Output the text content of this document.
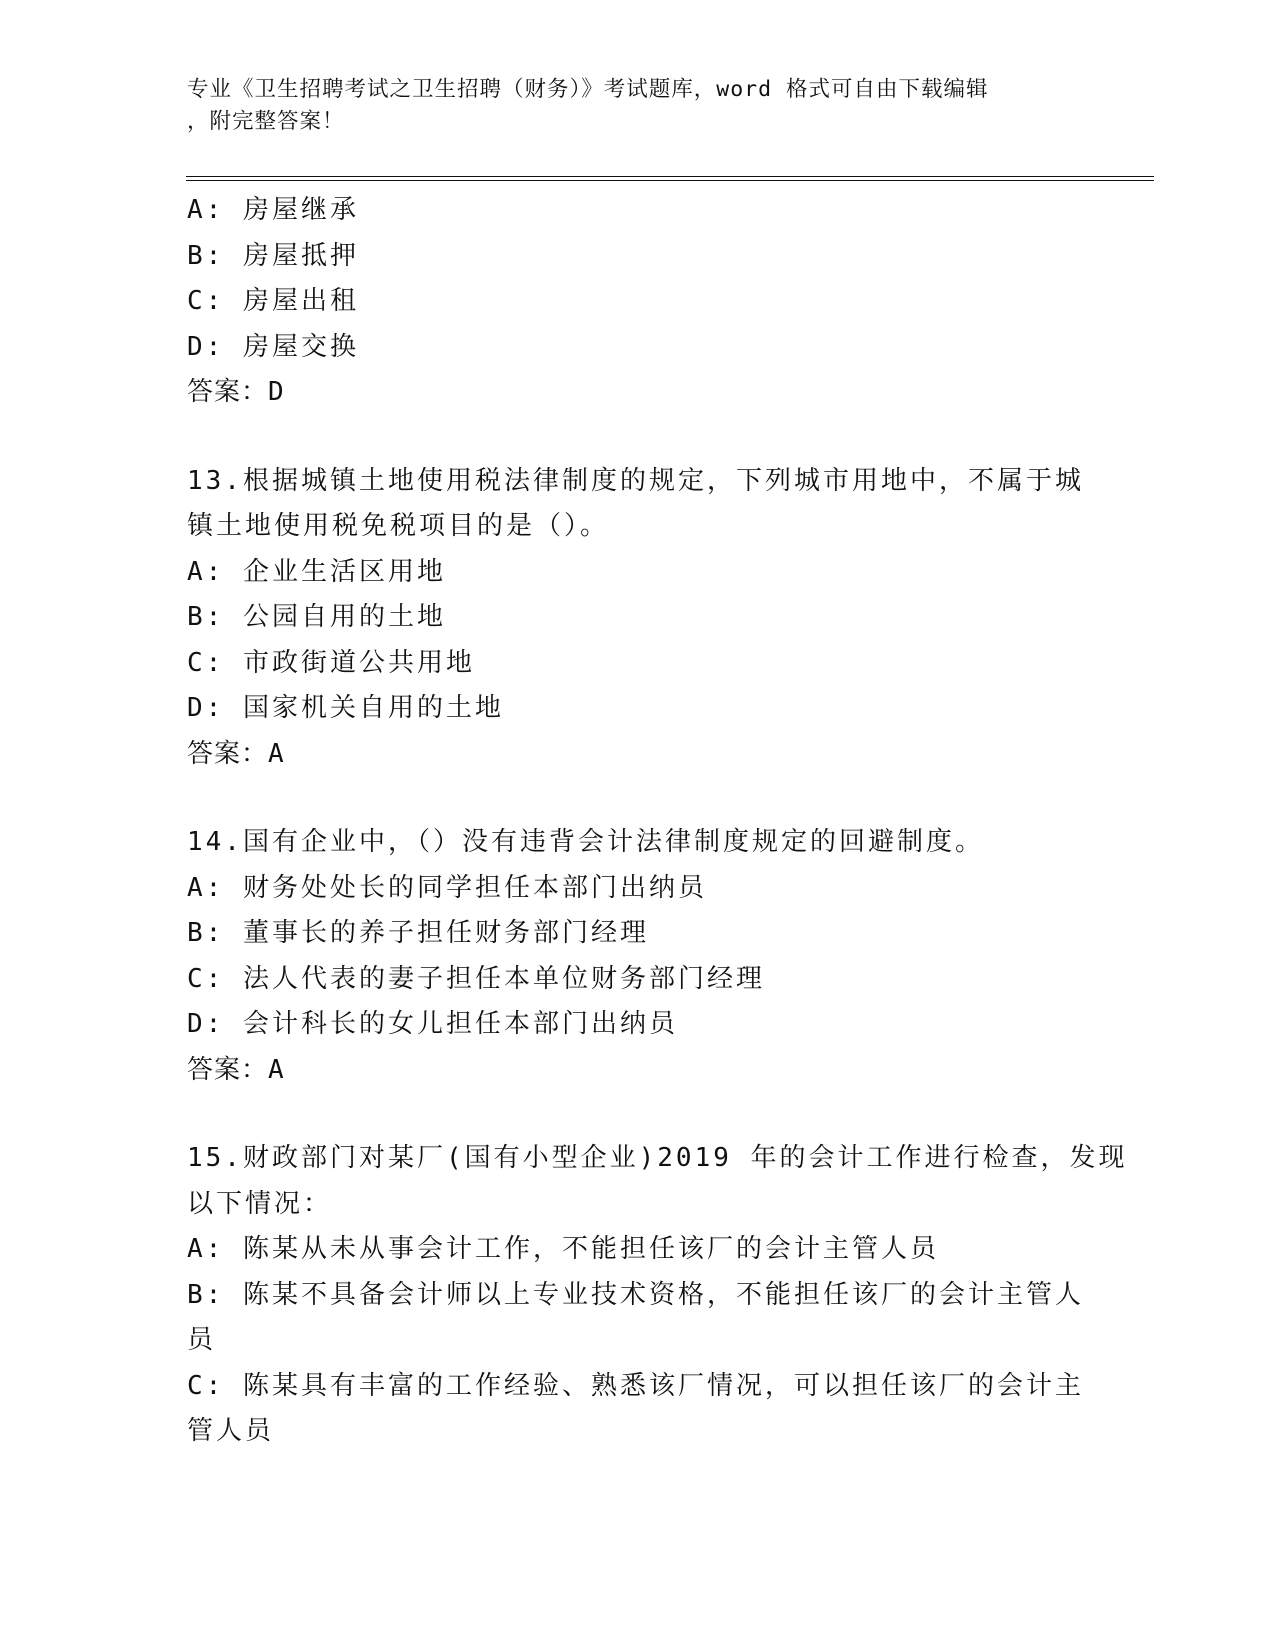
专业《卫生招聘考试之卫生招聘（财务）》考试题库，word 格式可自由下载编辑
，附完整答案！
A: 房屋继承
B: 房屋抵押
C: 房屋出租
D: 房屋交换
答案：D
13.根据城镇土地使用税法律制度的规定，下列城市用地中，不属于城
镇土地使用税免税项目的是（）。
A: 企业生活区用地
B: 公园自用的土地
C: 市政街道公共用地
D: 国家机关自用的土地
答案：A
14.国有企业中，（）没有违背会计法律制度规定的回避制度。
A: 财务处处长的同学担任本部门出纳员
B: 董事长的养子担任财务部门经理
C: 法人代表的妻子担任本单位财务部门经理
D: 会计科长的女儿担任本部门出纳员
答案：A
15.财政部门对某厂(国有小型企业)2019 年的会计工作进行检查，发现
以下情况：
A: 陈某从未从事会计工作，不能担任该厂的会计主管人员
B: 陈某不具备会计师以上专业技术资格，不能担任该厂的会计主管人
员
C: 陈某具有丰富的工作经验、熟悉该厂情况，可以担任该厂的会计主
管人员
